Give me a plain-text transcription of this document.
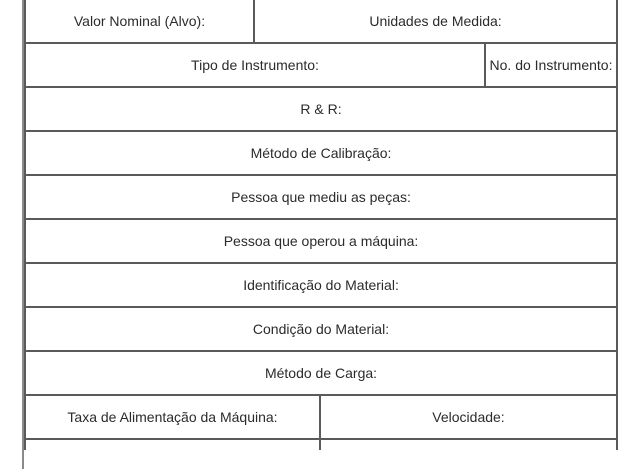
Valor Nominal (Alvo):	Unidades de Medida:		
Tipo de Instrumento:			No. do Instrumento:
R & R:			
Método de Calibração:			
Pessoa que mediu as peças:			
Pessoa que operou a máquina:			
Identificação do Material:			
Condição do Material:			
Método de Carga:			
Taxa de Alimentação da Máquina:		Velocidade:	
